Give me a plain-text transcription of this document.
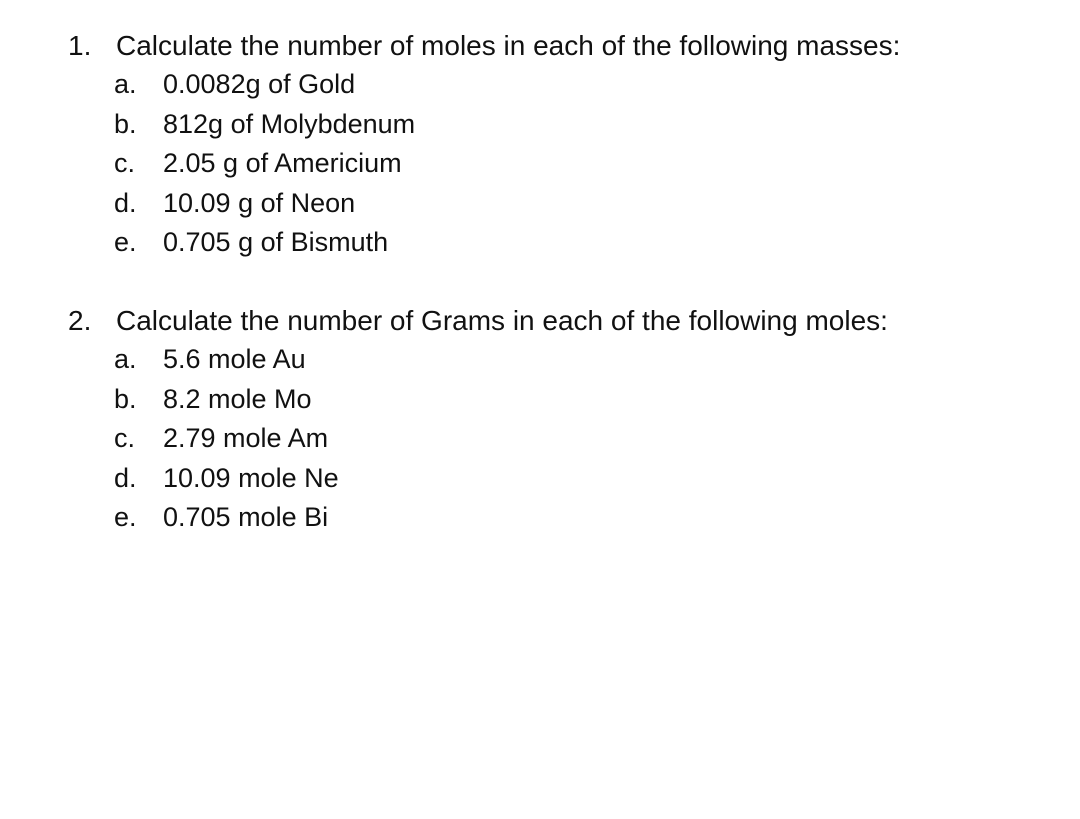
1. Calculate the number of moles in each of the following masses:
a. 0.0082g of Gold
b. 812g of Molybdenum
c. 2.05 g of Americium
d. 10.09 g of Neon
e. 0.705 g of Bismuth
2. Calculate the number of Grams in each of the following moles:
a. 5.6 mole Au
b. 8.2 mole Mo
c. 2.79 mole Am
d. 10.09 mole Ne
e. 0.705 mole Bi
